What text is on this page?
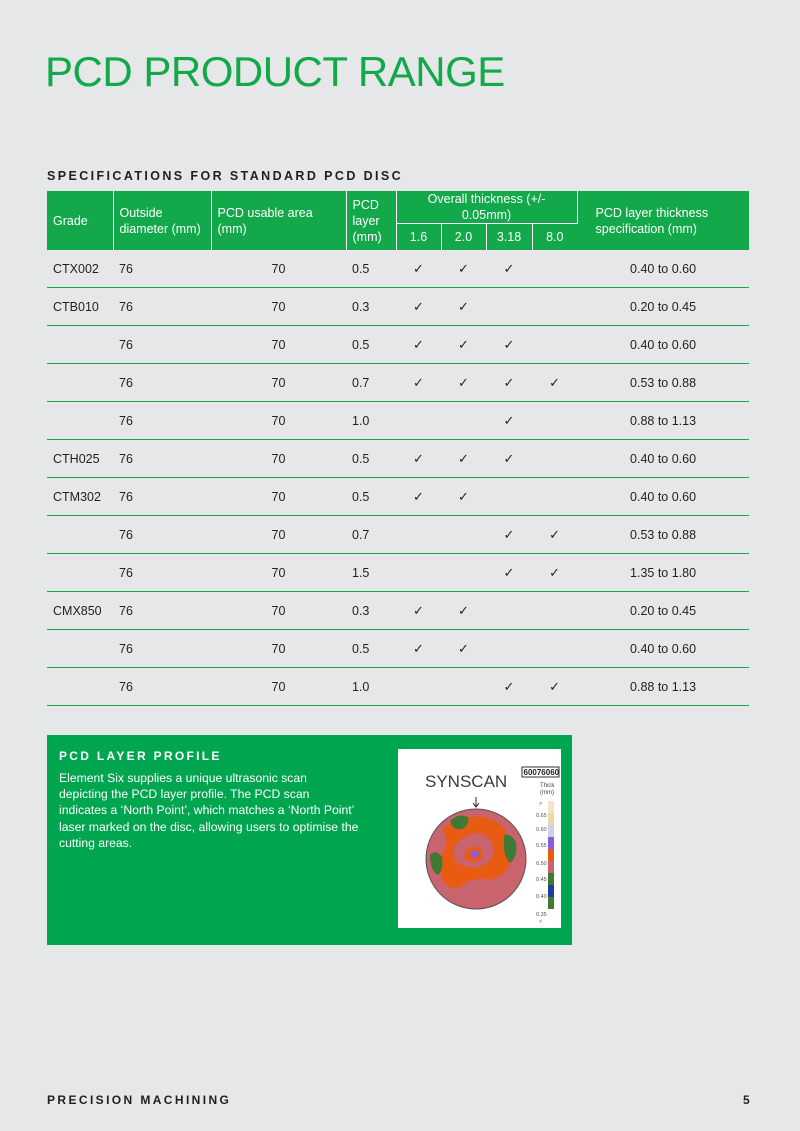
PCD PRODUCT RANGE
SPECIFICATIONS FOR STANDARD PCD DISC
Grade	Outside diameter (mm)	PCD usable area (mm)	PCD layer (mm)	Overall thickness (+/- 0.05mm)				PCD layer thickness specification (mm)
				1.6	2.0	3.18	8.0	
CTX002	76	70	0.5	✓	✓	✓		0.40 to 0.60
CTB010	76	70	0.3	✓	✓			0.20 to 0.45
	76	70	0.5	✓	✓	✓		0.40 to 0.60
	76	70	0.7	✓	✓	✓	✓	0.53 to 0.88
	76	70	1.0			✓		0.88 to 1.13
CTH025	76	70	0.5	✓	✓	✓		0.40 to 0.60
CTM302	76	70	0.5	✓	✓			0.40 to 0.60
	76	70	0.7			✓	✓	0.53 to 0.88
	76	70	1.5			✓	✓	1.35 to 1.80
CMX850	76	70	0.3	✓	✓			0.20 to 0.45
	76	70	0.5	✓	✓			0.40 to 0.60
	76	70	1.0			✓	✓	0.88 to 1.13
PCD LAYER PROFILE
Element Six supplies a unique ultrasonic scan depicting the PCD layer profile. The PCD scan indicates a ‘North Point’, which matches a ‘North Point’ laser marked on the disc, allowing users to optimise the cutting areas.
SYNSCAN 60076060
Thick
(mm)
>
0.65
0.60
0.55
0.50
0.45
0.40
0.35
<
PRECISION MACHINING	5
